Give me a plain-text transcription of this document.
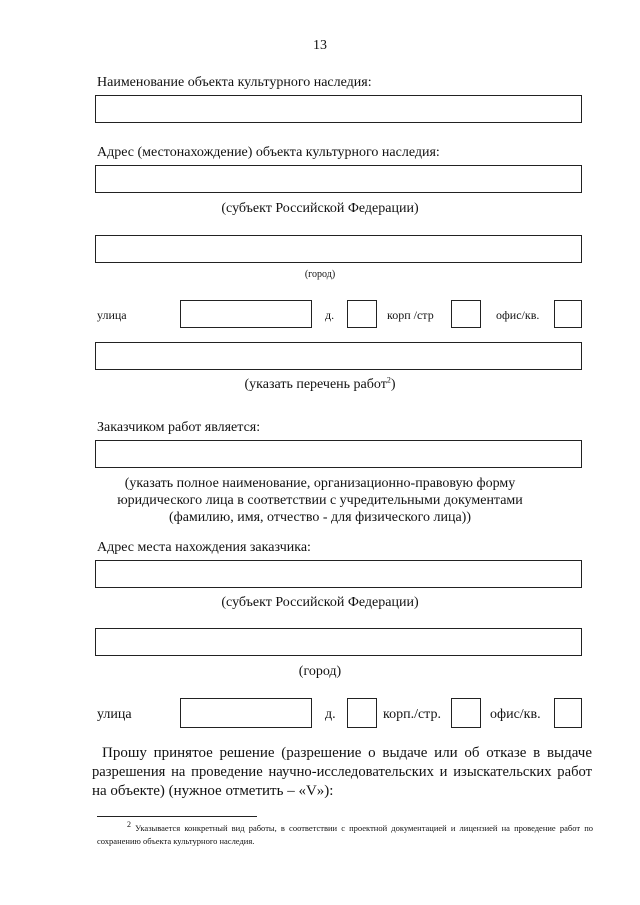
13
Наименование объекта культурного наследия:
Адрес (местонахождение) объекта культурного наследия:
(субъект Российской Федерации)
(город)
улица	д.	корп /стр	офис/кв.
(указать перечень работ$^2$)
Заказчиком работ является:
(указать полное наименование, организационно-правовую форму
юридического лица в соответствии с учредительными документами
(фамилию, имя, отчество - для физического лица))
Адрес места нахождения заказчика:
(субъект Российской Федерации)
(город)
улица	д.	корп./стр.	офис/кв.
Прошу принятое решение (разрешение о выдаче или об отказе в выдаче
разрешения на проведение научно-исследовательских и изыскательских работ
на объекте) (нужное отметить – «V»):
$^2$ Указывается конкретный вид работы, в соответствии с проектной документацией и лицензией на проведение работ по сохранению объекта культурного наследия.
